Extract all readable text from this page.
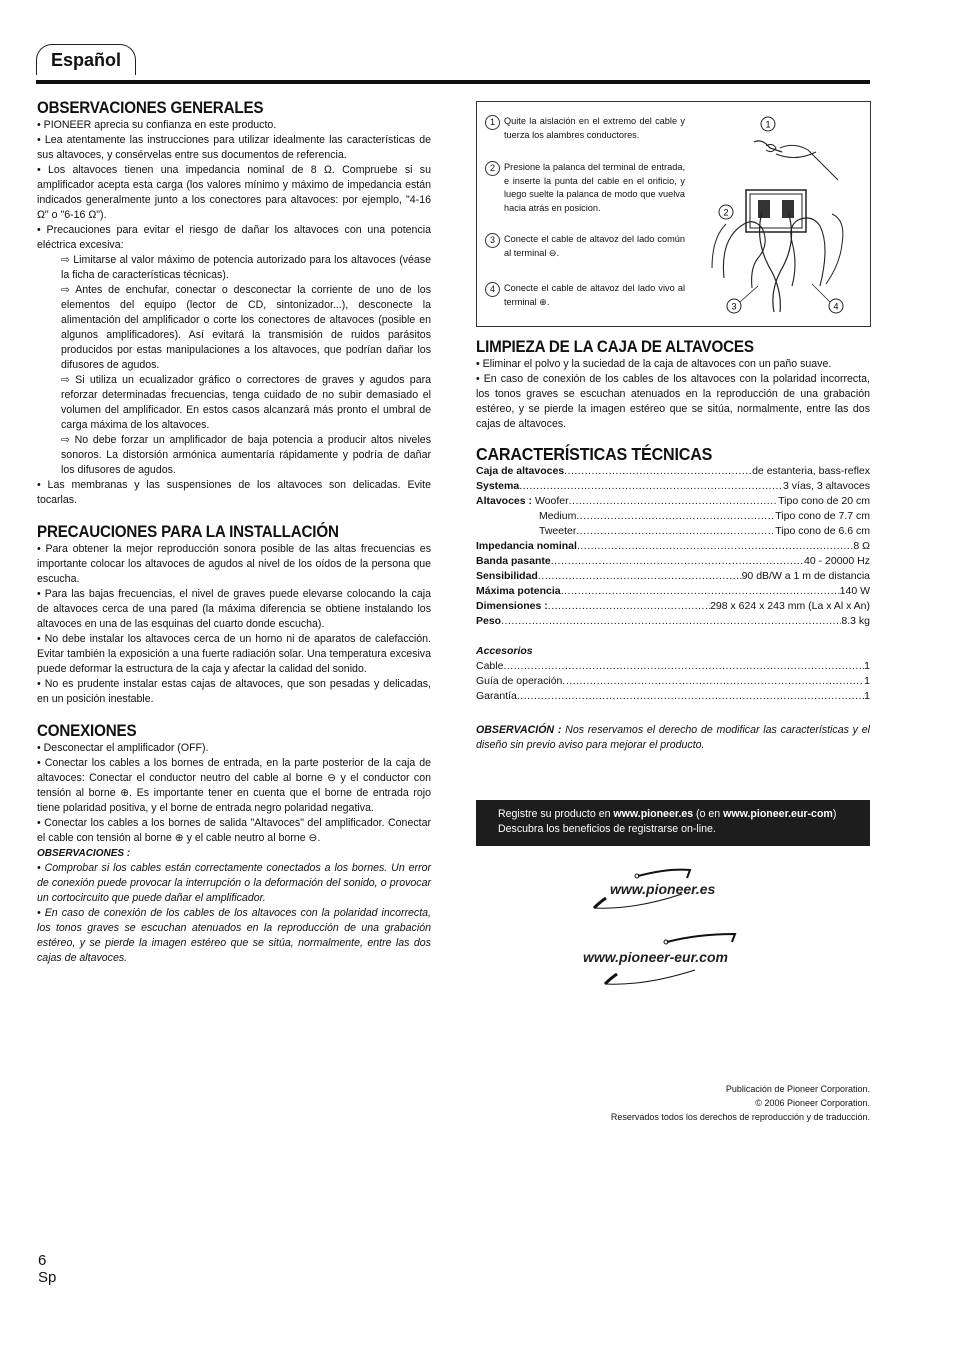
Español
OBSERVACIONES GENERALES

• PIONEER aprecia su confianza en este producto.

• Lea atentamente las instrucciones para utilizar idealmente las características de sus altavoces, y consérvelas entre sus documentos de referencia.

• Los altavoces tienen una impedancia nominal de 8 Ω. Compruebe si su amplificador acepta esta carga (los valores mínimo y máximo de impedancia están indicados generalmente junto a los conectores para altavoces: por ejemplo, "4-16 Ω" o "6-16 Ω").

• Precauciones para evitar el riesgo de dañar los altavoces con una potencia eléctrica excesiva:

⇨ Limitarse al valor máximo de potencia autorizado para los altavoces (véase la ficha de características técnicas).

⇨ Antes de enchufar, conectar o desconectar la corriente de uno de los elementos del equipo (lector de CD, sintonizador...), desconecte la alimentación del amplificador o corte los conectores de altavoces (posible en algunos amplificadores). Así evitará la transmisión de ruidos parásitos producidos por estas manipulaciones a los altavoces, que podrían dañar los difusores de agudos.

⇨ Si utiliza un ecualizador gráfico o correctores de graves y agudos para reforzar determinadas frecuencias, tenga cuidado de no subir demasiado el volumen del amplificador. En estos casos alcanzará más pronto el umbral de carga máxima de los altavoces.

⇨ No debe forzar un amplificador de baja potencia a producir altos niveles sonoros. La distorsión armónica aumentaría rápidamente y podría de dañar los difusores de agudos.

• Las membranas y las suspensiones de los altavoces son delicadas. Evite tocarlas.

PRECAUCIONES PARA LA INSTALLACIÓN

• Para obtener la mejor reproducción sonora posible de las altas frecuencias es importante colocar los altavoces de agudos al nivel de los oídos de la persona que escucha.

• Para las bajas frecuencias, el nivel de graves puede elevarse colocando la caja de altavoces cerca de una pared (la máxima diferencia se obtiene instalando los altavoces en una de las esquinas del cuarto donde escucha).

• No debe instalar los altavoces cerca de un horno ni de aparatos de calefacción. Evitar también la exposición a una fuerte radiación solar. Una temperatura excesiva puede deformar la estructura de la caja y afectar la calidad del sonido.

• No es prudente instalar estas cajas de altavoces, que son pesadas y delicadas, en un posición inestable.

CONEXIONES

• Desconectar el amplificador (OFF).

• Conectar los cables a los bornes de entrada, en la parte posterior de la caja de altavoces: Conectar el conductor neutro del cable al borne ⊖ y el conductor con tensión al borne ⊕. Es importante tener en cuenta que el borne de entrada rojo tiene polaridad positiva, y el borne de entrada negro polaridad negativa.

• Conectar los cables a los bornes de salida "Altavoces" del amplificador. Conectar el cable con tensión al borne ⊕ y el cable neutro al borne ⊖.

OBSERVACIONES :

• Comprobar si los cables están correctamente conectados a los bornes. Un error de conexión puede provocar la interrupción o la deformación del sonido, o provocar un cortocircuito que puede dañar el amplificador.

• En caso de conexión de los cables de los altavoces con la polaridad incorrecta, los tonos graves se escuchan atenuados en la reproducción de una grabación estéreo, y se pierde la imagen estéreo que se sitúa, normalmente, entre las dos cajas de altavoces.

1 Quite la aislación en el extremo del cable y tuerza los alambres conductores.
2 Presione la palanca del terminal de entrada, e inserte la punta del cable en el orificio, y luego suelte la palanca de modo que vuelva hacia atrás en posicion.
3 Conecte el cable de altavoz del lado común al terminal ⊖.
4 Conecte el cable de altavoz del lado vivo al terminal ⊕.
1
2
3	4
LIMPIEZA DE LA CAJA DE ALTAVOCES

• Eliminar el polvo y la suciedad de la caja de altavoces con un paño suave.

• En caso de conexión de los cables de los altavoces con la polaridad incorrecta, los tonos graves se escuchan atenuados en la reproducción de una grabación estéreo, y se pierde la imagen estéreo que se sitúa, normalmente, entre las dos cajas de altavoces.

CARACTERÍSTICAS TÉCNICAS
Caja de altavoces .....	de estanteria, bass-reflex
Systema .....	3 vías, 3 altavoces
Altavoces :
Woofer .....	Tipo cono de 20 cm
Medium .....	Tipo cono de 7.7 cm
Tweeter .....	Tipo cono de 6.6 cm
Impedancia nominal .....	8 Ω
Banda pasante .....	40 - 20000 Hz
Sensibilidad .....	90 dB/W a 1 m de distancia
Máxima potencia .....	140 W
Dimensiones : .....	298 x 624 x 243 mm (La x Al x An)
Peso .....	8.3 kg
Accesorios
Cable .....	1
Guía de operación .....	1
Garantía .....	1

OBSERVACIÓN : Nos reservamos el derecho de modificar las características y el diseño sin previo aviso para mejorar el producto.

Registre su producto en www.pioneer.es (o en www.pioneer.eur-com)
Descubra los beneficios de registrarse on-line.
www.pioneer.es
www.pioneer-eur.com
Publicación de Pioneer Corporation.
© 2006 Pioneer Corporation.
Reservados todos los derechos de reproducción y de traducción.
6
Sp
